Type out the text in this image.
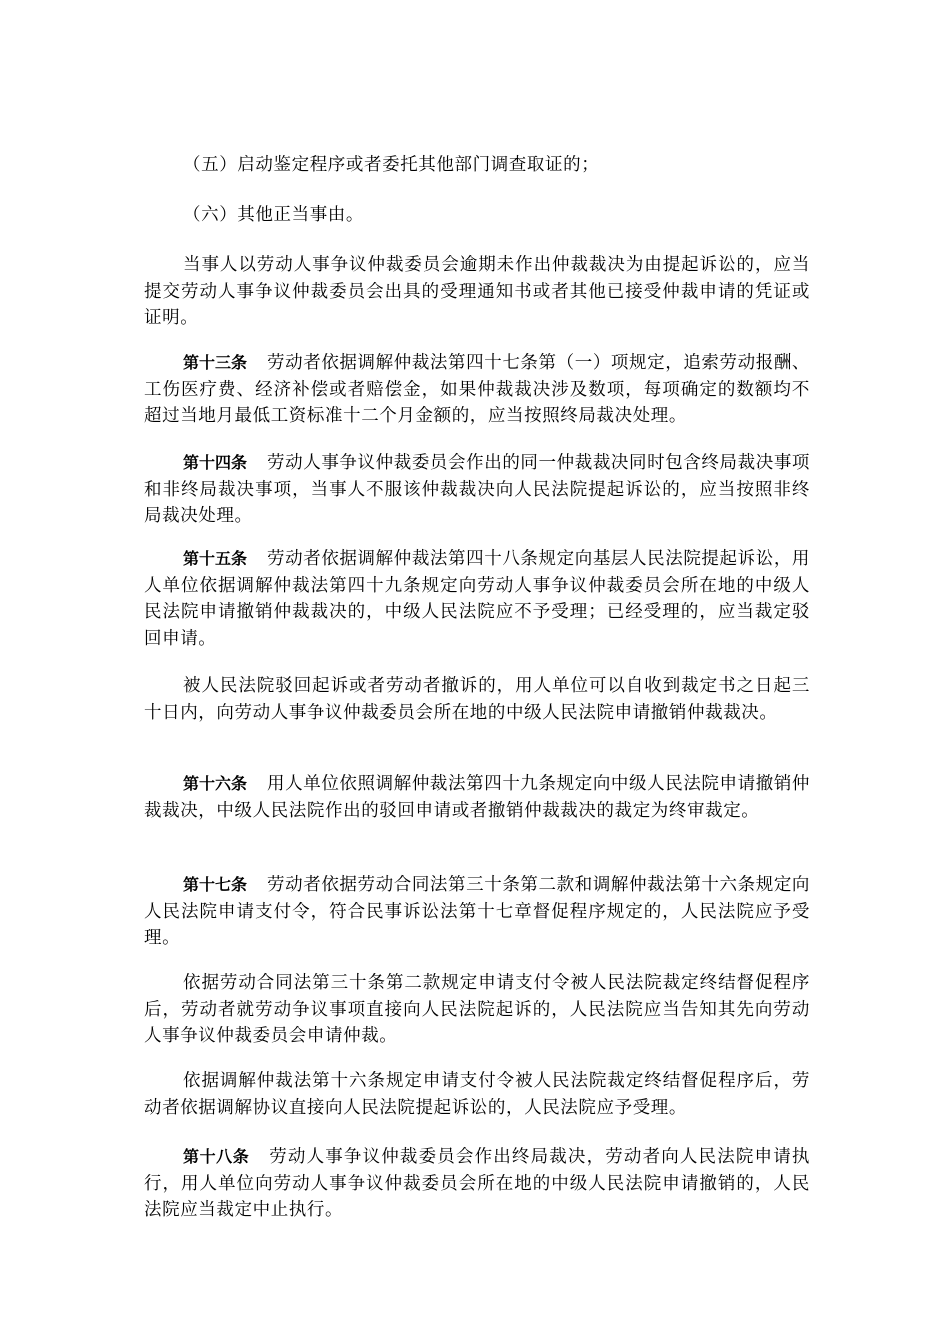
（五）启动鉴定程序或者委托其他部门调查取证的；

（六）其他正当事由。

当事人以劳动人事争议仲裁委员会逾期未作出仲裁裁决为由提起诉讼的，应当提交劳动人事争议仲裁委员会出具的受理通知书或者其他已接受仲裁申请的凭证或证明。

第十三条 劳动者依据调解仲裁法第四十七条第（一）项规定，追索劳动报酬、工伤医疗费、经济补偿或者赔偿金，如果仲裁裁决涉及数项，每项确定的数额均不超过当地月最低工资标准十二个月金额的，应当按照终局裁决处理。

第十四条 劳动人事争议仲裁委员会作出的同一仲裁裁决同时包含终局裁决事项和非终局裁决事项，当事人不服该仲裁裁决向人民法院提起诉讼的，应当按照非终局裁决处理。

第十五条 劳动者依据调解仲裁法第四十八条规定向基层人民法院提起诉讼，用人单位依据调解仲裁法第四十九条规定向劳动人事争议仲裁委员会所在地的中级人民法院申请撤销仲裁裁决的，中级人民法院应不予受理；已经受理的，应当裁定驳回申请。

被人民法院驳回起诉或者劳动者撤诉的，用人单位可以自收到裁定书之日起三十日内，向劳动人事争议仲裁委员会所在地的中级人民法院申请撤销仲裁裁决。

第十六条 用人单位依照调解仲裁法第四十九条规定向中级人民法院申请撤销仲裁裁决，中级人民法院作出的驳回申请或者撤销仲裁裁决的裁定为终审裁定。

第十七条 劳动者依据劳动合同法第三十条第二款和调解仲裁法第十六条规定向人民法院申请支付令，符合民事诉讼法第十七章督促程序规定的，人民法院应予受理。

依据劳动合同法第三十条第二款规定申请支付令被人民法院裁定终结督促程序后，劳动者就劳动争议事项直接向人民法院起诉的，人民法院应当告知其先向劳动人事争议仲裁委员会申请仲裁。

依据调解仲裁法第十六条规定申请支付令被人民法院裁定终结督促程序后，劳动者依据调解协议直接向人民法院提起诉讼的，人民法院应予受理。

第十八条 劳动人事争议仲裁委员会作出终局裁决，劳动者向人民法院申请执行，用人单位向劳动人事争议仲裁委员会所在地的中级人民法院申请撤销的，人民法院应当裁定中止执行。
